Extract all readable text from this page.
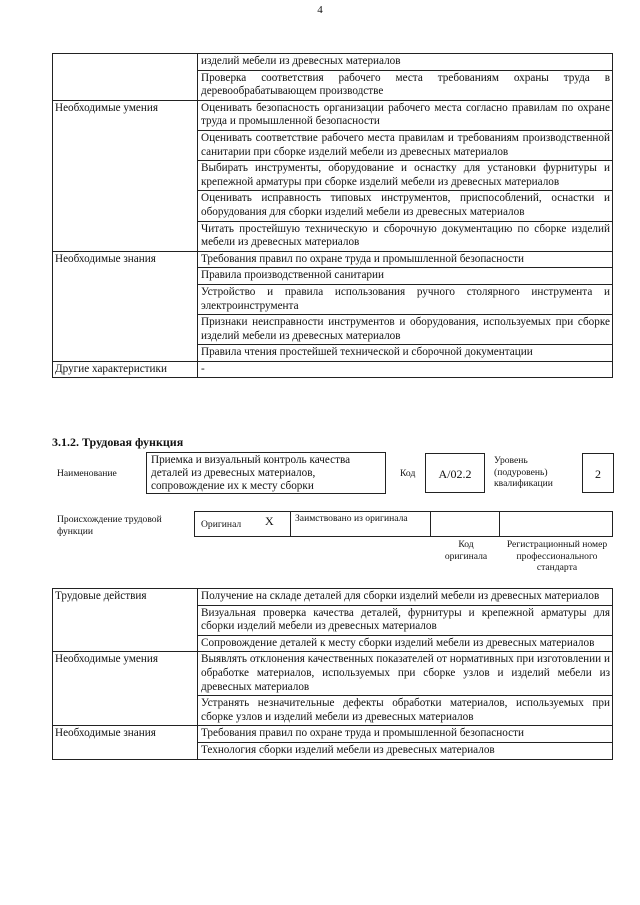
4
	изделий мебели из древесных материалов
	Проверка соответствия рабочего места требованиям охраны труда в деревообрабатывающем производстве
Необходимые умения	Оценивать безопасность организации рабочего места согласно правилам по охране труда и промышленной безопасности
	Оценивать соответствие рабочего места правилам и требованиям производственной санитарии при сборке изделий мебели из древесных материалов
	Выбирать инструменты, оборудование и оснастку для установки фурнитуры и крепежной арматуры при сборке изделий мебели из древесных материалов
	Оценивать исправность типовых инструментов, приспособлений, оснастки и оборудования для сборки изделий мебели из древесных материалов
	Читать простейшую техническую и сборочную документацию по сборке изделий мебели из древесных материалов
Необходимые знания	Требования правил по охране труда и промышленной безопасности
	Правила производственной санитарии
	Устройство и правила использования ручного столярного инструмента и электроинструмента
	Признаки неисправности инструментов и оборудования, используемых при сборке изделий мебели из древесных материалов
	Правила чтения простейшей технической и сборочной документации
Другие характеристики	-
3.1.2. Трудовая функция
Наименование
Приемка и визуальный контроль качества деталей из древесных материалов, сопровождение их к месту сборки
Код	А/02.2
Уровень (подуровень) квалификации
2
Происхождение трудовой функции
Оригинал X Заимствовано из оригинала
Код оригинала
Регистрационный номер профессионального стандарта
Трудовые действия	Получение на складе деталей для сборки изделий мебели из древесных материалов
	Визуальная проверка качества деталей, фурнитуры и крепежной арматуры для сборки изделий мебели из древесных материалов
	Сопровождение деталей к месту сборки изделий мебели из древесных материалов
Необходимые умения	Выявлять отклонения качественных показателей от нормативных при изготовлении и обработке материалов, используемых при сборке узлов и изделий мебели из древесных материалов
	Устранять незначительные дефекты обработки материалов, используемых при сборке узлов и изделий мебели из древесных материалов
Необходимые знания	Требования правил по охране труда и промышленной безопасности
	Технология сборки изделий мебели из древесных материалов
